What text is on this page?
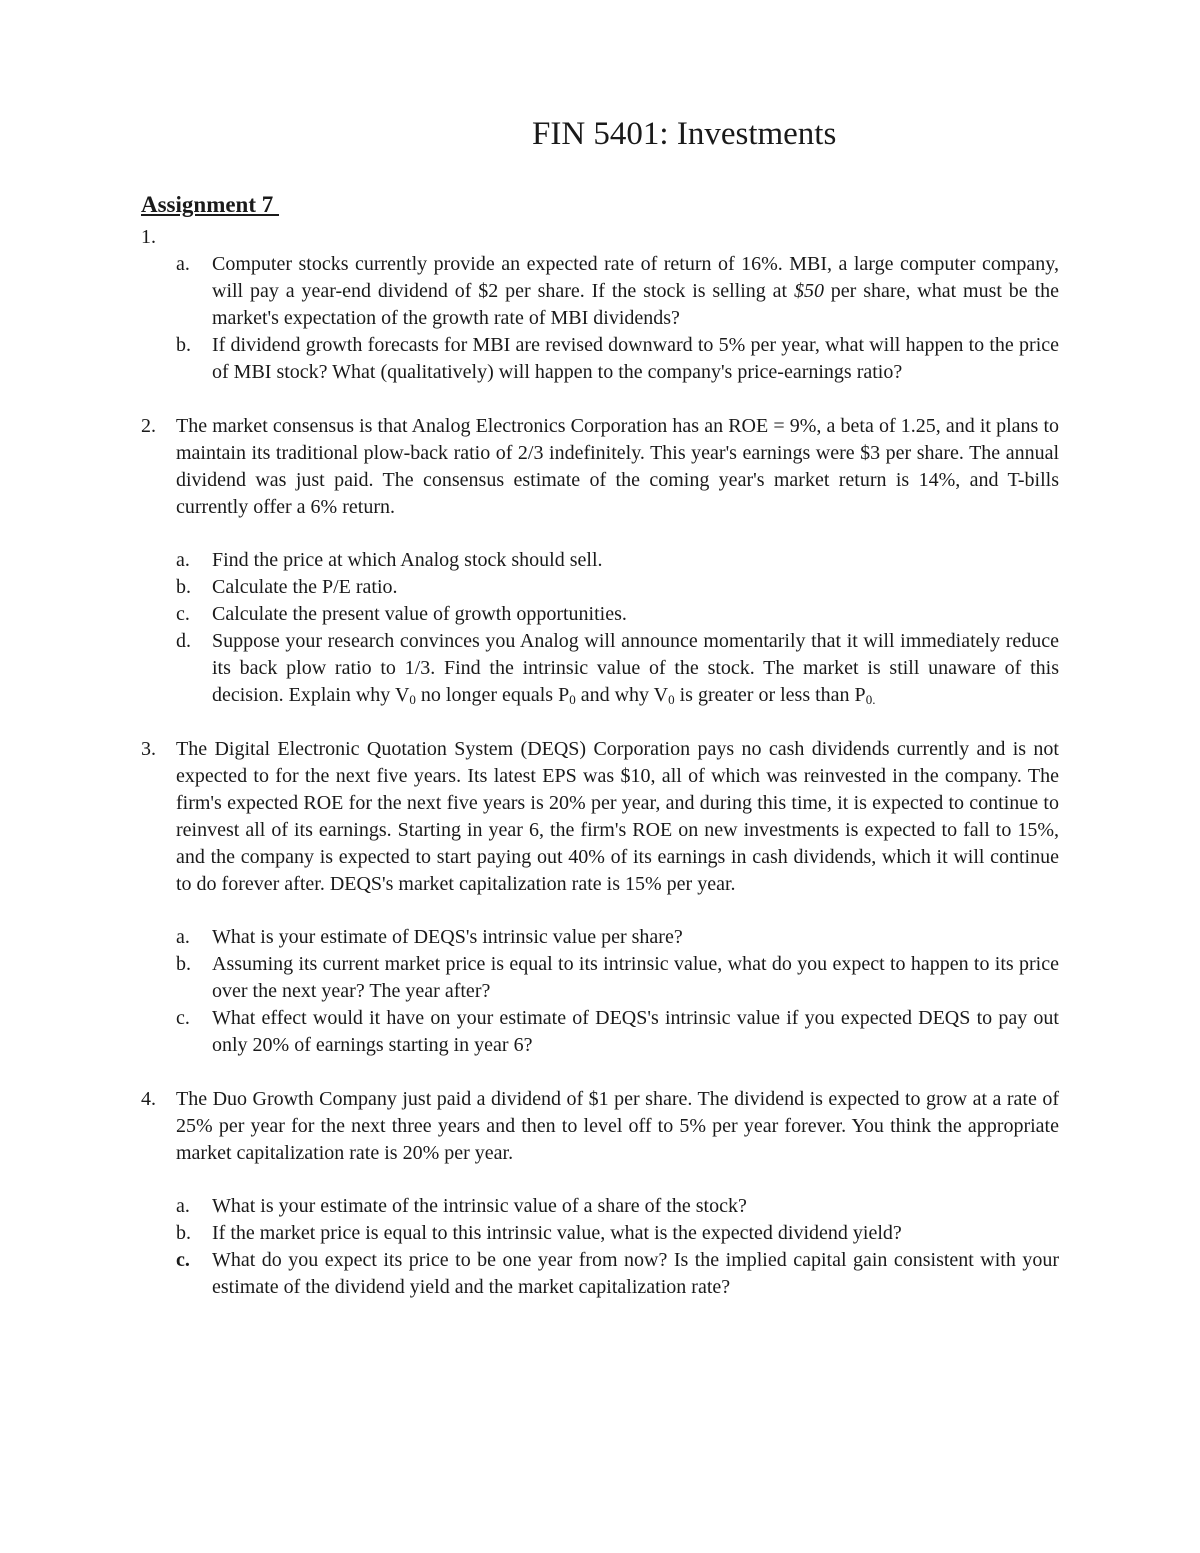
FIN 5401: Investments
Assignment 7
1.
a. Computer stocks currently provide an expected rate of return of 16%. MBI, a large computer company, will pay a year-end dividend of $2 per share. If the stock is selling at $50 per share, what must be the market's expectation of the growth rate of MBI dividends?
b. If dividend growth forecasts for MBI are revised downward to 5% per year, what will happen to the price of MBI stock? What (qualitatively) will happen to the company's price-earnings ratio?
2. The market consensus is that Analog Electronics Corporation has an ROE = 9%, a beta of 1.25, and it plans to maintain its traditional plow-back ratio of 2/3 indefinitely. This year's earnings were $3 per share. The annual dividend was just paid. The consensus estimate of the coming year's market return is 14%, and T-bills currently offer a 6% return.
a. Find the price at which Analog stock should sell.
b. Calculate the P/E ratio.
c. Calculate the present value of growth opportunities.
d. Suppose your research convinces you Analog will announce momentarily that it will immediately reduce its back plow ratio to 1/3. Find the intrinsic value of the stock. The market is still unaware of this decision. Explain why $V_0$ no longer equals $P_0$ and why $V_0$ is greater or less than $P_{0.}$
3. The Digital Electronic Quotation System (DEQS) Corporation pays no cash dividends currently and is not expected to for the next five years. Its latest EPS was $10, all of which was reinvested in the company. The firm's expected ROE for the next five years is 20% per year, and during this time, it is expected to continue to reinvest all of its earnings. Starting in year 6, the firm's ROE on new investments is expected to fall to 15%, and the company is expected to start paying out 40% of its earnings in cash dividends, which it will continue to do forever after. DEQS's market capitalization rate is 15% per year.
a. What is your estimate of DEQS's intrinsic value per share?
b. Assuming its current market price is equal to its intrinsic value, what do you expect to happen to its price over the next year? The year after?
c. What effect would it have on your estimate of DEQS's intrinsic value if you expected DEQS to pay out only 20% of earnings starting in year 6?
4. The Duo Growth Company just paid a dividend of $1 per share. The dividend is expected to grow at a rate of 25% per year for the next three years and then to level off to 5% per year forever. You think the appropriate market capitalization rate is 20% per year.
a. What is your estimate of the intrinsic value of a share of the stock?
b. If the market price is equal to this intrinsic value, what is the expected dividend yield?
c. What do you expect its price to be one year from now? Is the implied capital gain consistent with your estimate of the dividend yield and the market capitalization rate?
